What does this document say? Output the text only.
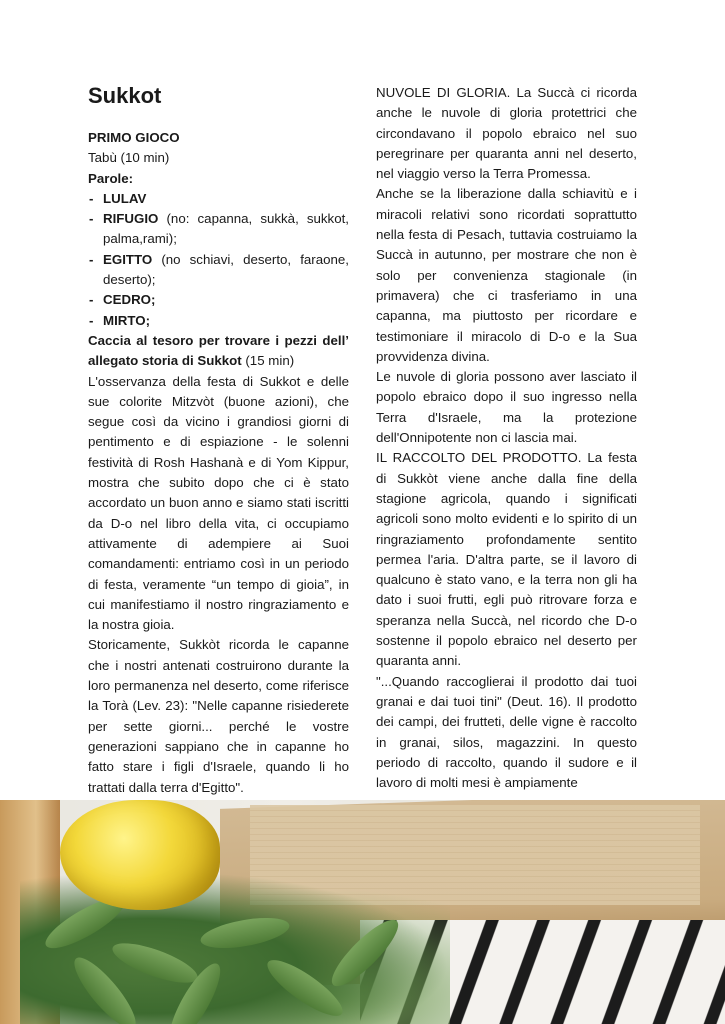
Sukkot

PRIMO GIOCO

Tabù (10 min)

Parole:

- LULAV
- RIFUGIO (no: capanna, sukkà, sukkot, palma,rami);
- EGITTO (no schiavi, deserto, faraone, deserto);
- CEDRO;
- MIRTO;

Caccia al tesoro per trovare i pezzi dell’ allegato storia di Sukkot (15 min)

L'osservanza della festa di Sukkot e delle sue colorite Mitzvòt (buone azioni), che segue così da vicino i grandiosi giorni di pentimento e di espiazione - le solenni festività di Rosh Hashanà e di Yom Kippur, mostra che subito dopo che ci è stato accordato un buon anno e siamo stati iscritti da D-o nel libro della vita, ci occupiamo attivamente di adempiere ai Suoi comandamenti: entriamo così in un periodo di festa, veramente “un tempo di gioia”, in cui manifestiamo il nostro ringraziamento e la nostra gioia.

Storicamente, Sukkòt ricorda le capanne che i nostri antenati costruirono durante la loro permanenza nel deserto, come riferisce la Torà (Lev. 23): "Nelle capanne risiederete per sette giorni... perché le vostre generazioni sappiano che in capanne ho fatto stare i figli d'Israele, quando li ho trattati dalla terra d'Egitto".

NUVOLE DI GLORIA. La Succà ci ricorda anche le nuvole di gloria protettrici che circondavano il popolo ebraico nel suo peregrinare per quaranta anni nel deserto, nel viaggio verso la Terra Promessa.

Anche se la liberazione dalla schiavitù e i miracoli relativi sono ricordati soprattutto nella festa di Pesach, tuttavia costruiamo la Succà in autunno, per mostrare che non è solo per convenienza stagionale (in primavera) che ci trasferiamo in una capanna, ma piuttosto per ricordare e testimoniare il miracolo di D-o e la Sua provvidenza divina.

Le nuvole di gloria possono aver lasciato il popolo ebraico dopo il suo ingresso nella Terra d'Israele, ma la protezione dell'Onnipotente non ci lascia mai.

IL RACCOLTO DEL PRODOTTO. La festa di Sukkòt viene anche dalla fine della stagione agricola, quando i significati agricoli sono molto evidenti e lo spirito di un ringraziamento profondamente sentito permea l'aria. D'altra parte, se il lavoro di qualcuno è stato vano, e la terra non gli ha dato i suoi frutti, egli può ritrovare forza e speranza nella Succà, nel ricordo che D-o sostenne il popolo ebraico nel deserto per quaranta anni.

"...Quando raccoglierai il prodotto dai tuoi granai e dai tuoi tini" (Deut. 16). Il prodotto dei campi, dei frutteti, delle vigne è raccolto in granai, silos, magazzini. In questo periodo di raccolto, quando il sudore e il lavoro di molti mesi è ampiamente
